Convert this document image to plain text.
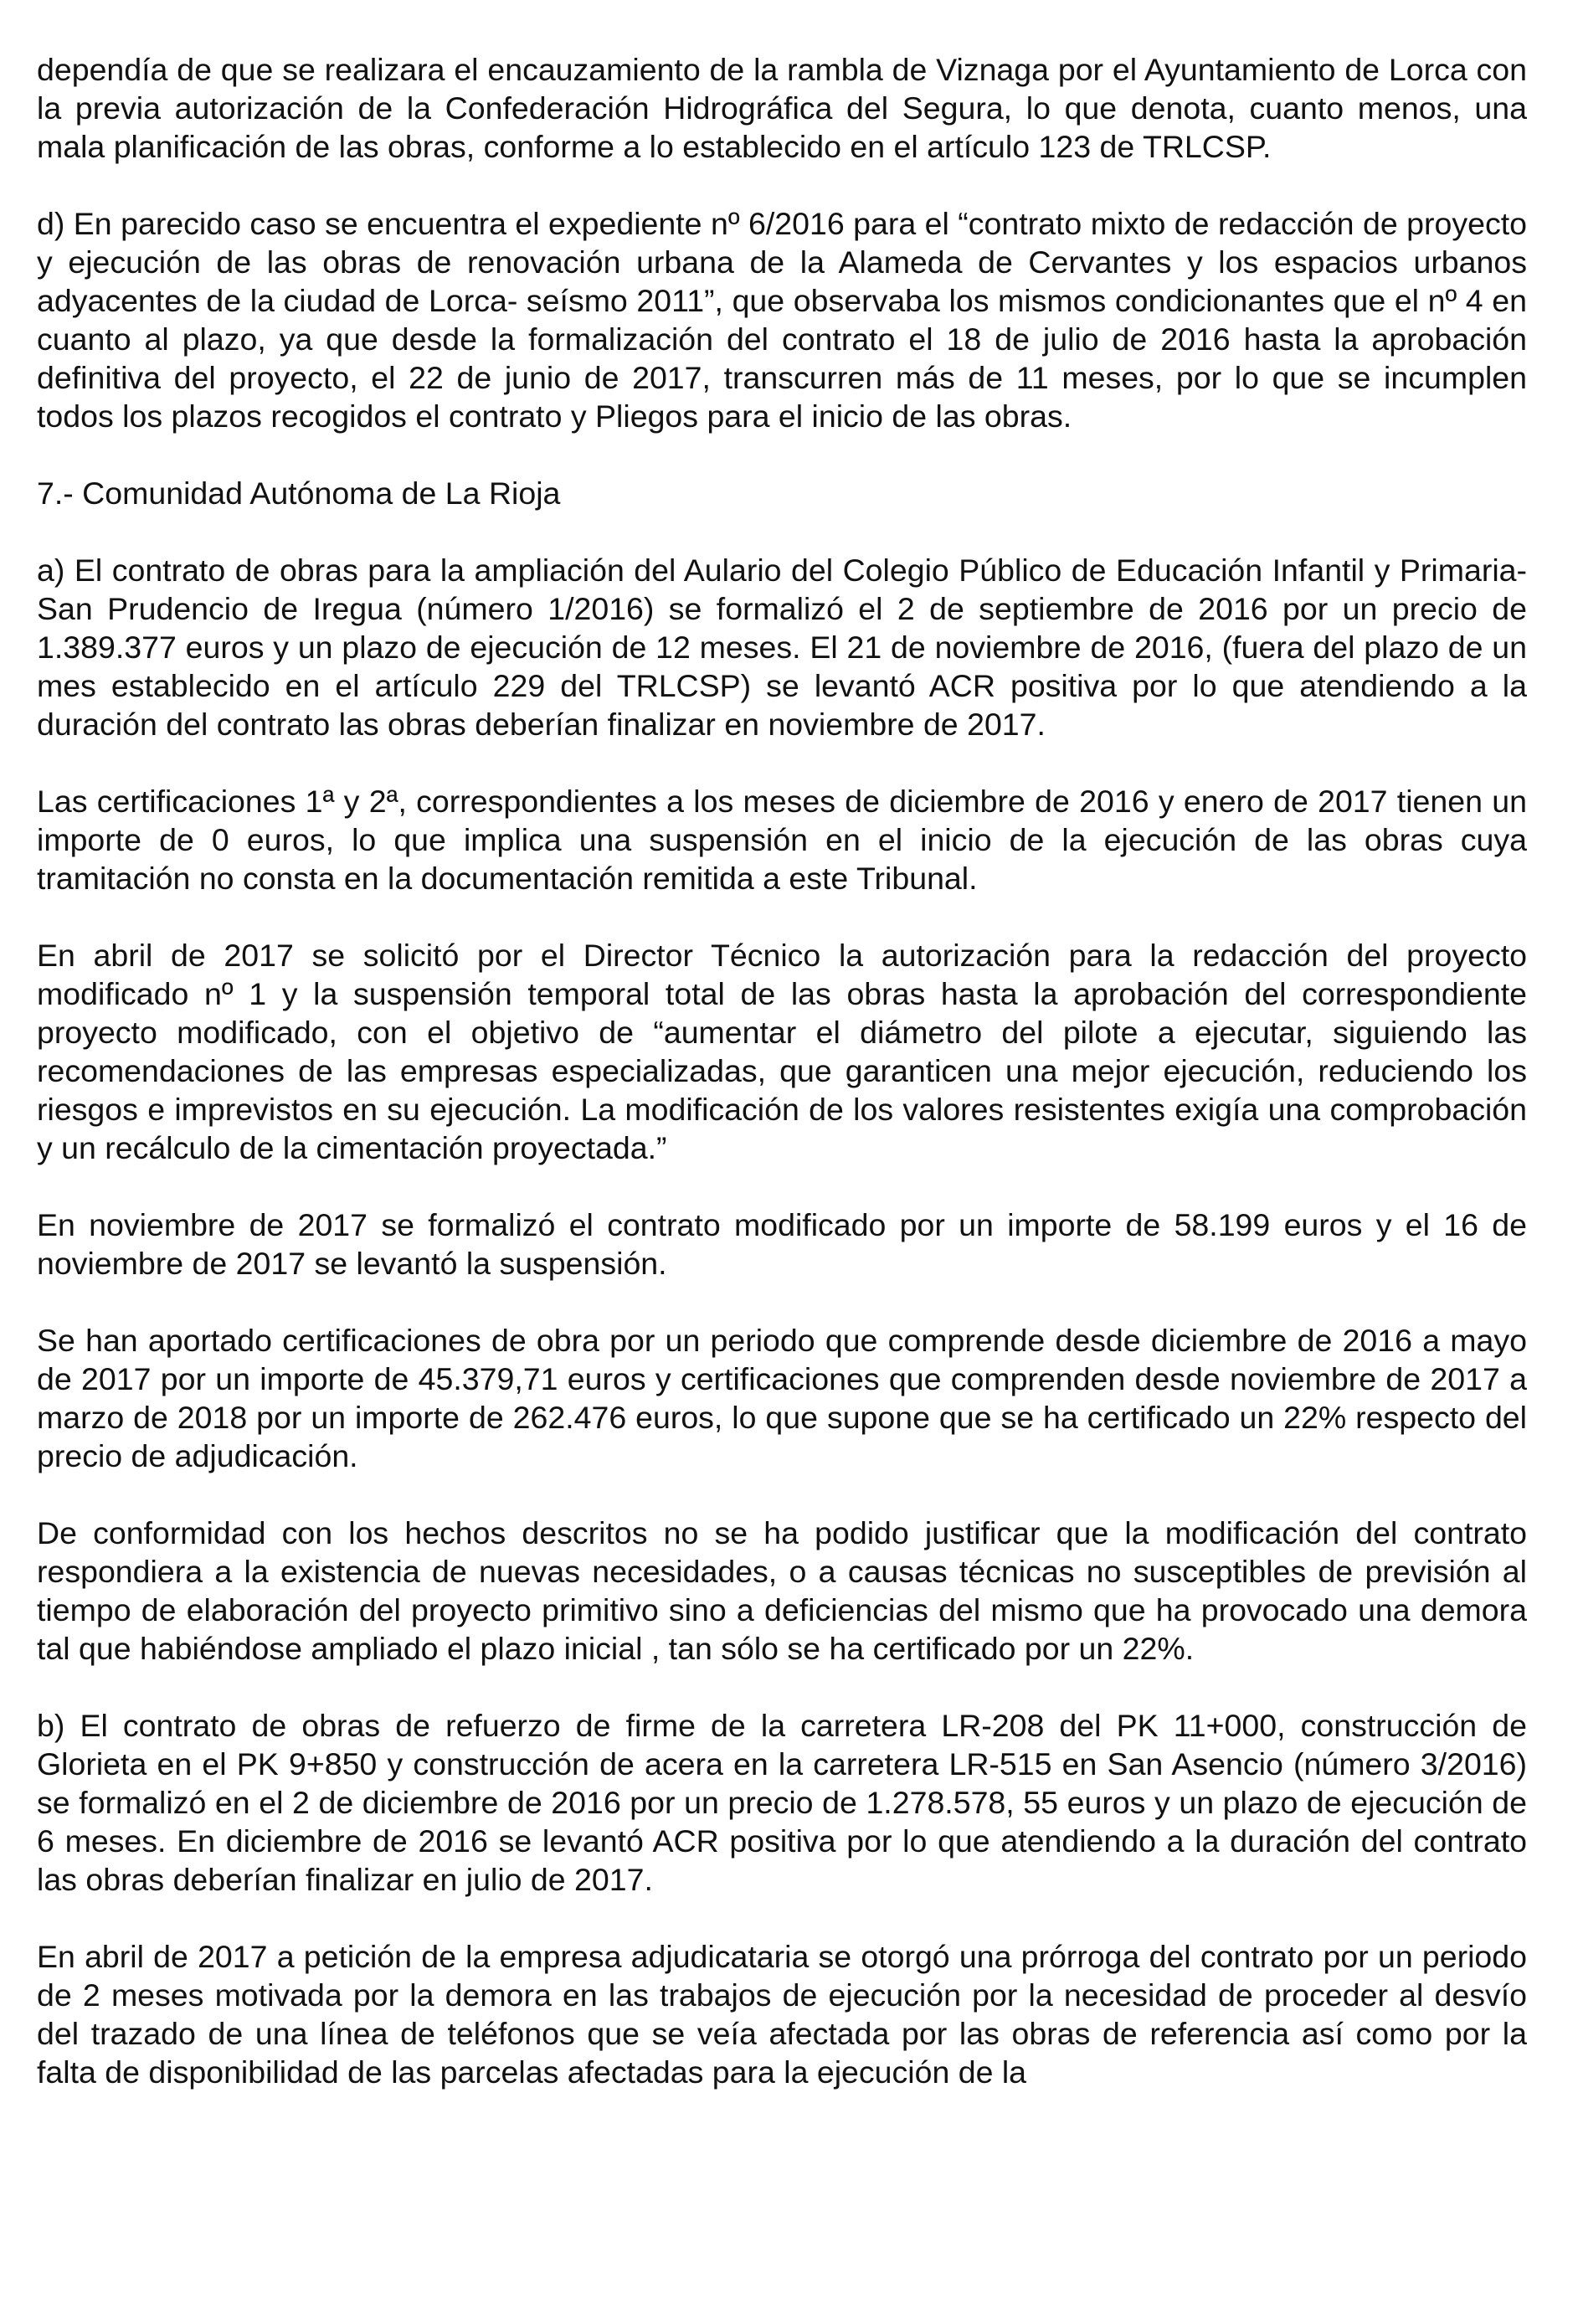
dependía de que se realizara el encauzamiento de la rambla de Viznaga por el Ayuntamiento de Lorca con la previa autorización de la Confederación Hidrográfica del Segura, lo que denota, cuanto menos, una mala planificación de las obras, conforme a lo establecido en el artículo 123 de TRLCSP.

d) En parecido caso se encuentra el expediente nº 6/2016 para el “contrato mixto de redacción de proyecto y ejecución de las obras de renovación urbana de la Alameda de Cervantes y los espacios urbanos adyacentes de la ciudad de Lorca- seísmo 2011”, que observaba los mismos condicionantes que el nº 4 en cuanto al plazo, ya que desde la formalización del contrato el 18 de julio de 2016 hasta la aprobación definitiva del proyecto, el 22 de junio de 2017, transcurren más de 11 meses, por lo que se incumplen todos los plazos recogidos el contrato y Pliegos para el inicio de las obras.

7.- Comunidad Autónoma de La Rioja

a) El contrato de obras para la ampliación del Aulario del Colegio Público de Educación Infantil y Primaria- San Prudencio de Iregua (número 1/2016) se formalizó el 2 de septiembre de 2016 por un precio de 1.389.377 euros y un plazo de ejecución de 12 meses. El 21 de noviembre de 2016, (fuera del plazo de un mes establecido en el artículo 229 del TRLCSP) se levantó ACR positiva por lo que atendiendo a la duración del contrato las obras deberían finalizar en noviembre de 2017.

Las certificaciones 1ª y 2ª, correspondientes a los meses de diciembre de 2016 y enero de 2017 tienen un importe de 0 euros, lo que implica una suspensión en el inicio de la ejecución de las obras cuya tramitación no consta en la documentación remitida a este Tribunal.

En abril de 2017 se solicitó por el Director Técnico la autorización para la redacción del proyecto modificado nº 1 y la suspensión temporal total de las obras hasta la aprobación del correspondiente proyecto modificado, con el objetivo de “aumentar el diámetro del pilote a ejecutar, siguiendo las recomendaciones de las empresas especializadas, que garanticen una mejor ejecución, reduciendo los riesgos e imprevistos en su ejecución. La modificación de los valores resistentes exigía una comprobación y un recálculo de la cimentación proyectada.”

En noviembre de 2017 se formalizó el contrato modificado por un importe de 58.199 euros y el 16 de noviembre de 2017 se levantó la suspensión.

Se han aportado certificaciones de obra por un periodo que comprende desde diciembre de 2016 a mayo de 2017 por un importe de 45.379,71 euros y certificaciones que comprenden desde noviembre de 2017 a marzo de 2018 por un importe de 262.476 euros, lo que supone que se ha certificado un 22% respecto del precio de adjudicación.

De conformidad con los hechos descritos no se ha podido justificar que la modificación del contrato respondiera a la existencia de nuevas necesidades, o a causas técnicas no susceptibles de previsión al tiempo de elaboración del proyecto primitivo sino a deficiencias del mismo que ha provocado una demora tal que habiéndose ampliado el plazo inicial , tan sólo se ha certificado por un 22%.

b) El contrato de obras de refuerzo de firme de la carretera LR-208 del PK 11+000, construcción de Glorieta en el PK 9+850 y construcción de acera en la carretera LR-515 en San Asencio (número 3/2016) se formalizó en el 2 de diciembre de 2016 por un precio de 1.278.578, 55 euros y un plazo de ejecución de 6 meses. En diciembre de 2016 se levantó ACR positiva por lo que atendiendo a la duración del contrato las obras deberían finalizar en julio de 2017.

En abril de 2017 a petición de la empresa adjudicataria se otorgó una prórroga del contrato por un periodo de 2 meses motivada por la demora en las trabajos de ejecución por la necesidad de proceder al desvío del trazado de una línea de teléfonos que se veía afectada por las obras de referencia así como por la falta de disponibilidad de las parcelas afectadas para la ejecución de la
